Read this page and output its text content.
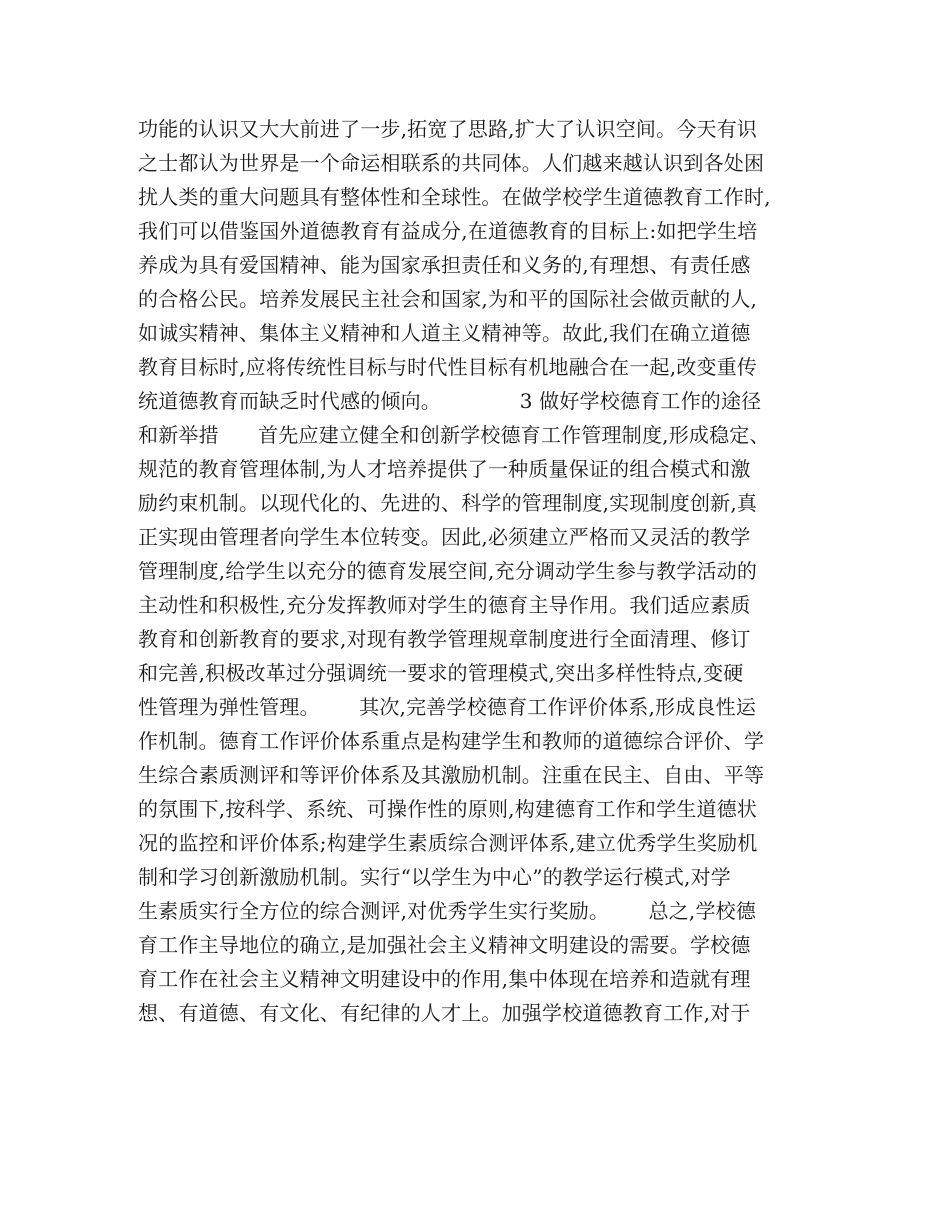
功能的认识又大大前进了一步,拓宽了思路,扩大了认识空间。今天有识
之士都认为世界是一个命运相联系的共同体。人们越来越认识到各处困
扰人类的重大问题具有整体性和全球性。在做学校学生道德教育工作时,
我们可以借鉴国外道德教育有益成分,在道德教育的目标上:如把学生培
养成为具有爱国精神、能为国家承担责任和义务的,有理想、有责任感
的合格公民。培养发展民主社会和国家,为和平的国际社会做贡献的人,
如诚实精神、集体主义精神和人道主义精神等。故此,我们在确立道德
教育目标时,应将传统性目标与时代性目标有机地融合在一起,改变重传
统道德教育而缺乏时代感的倾向。            3 做好学校德育工作的途径
和新举措      首先应建立健全和创新学校德育工作管理制度,形成稳定、
规范的教育管理体制,为人才培养提供了一种质量保证的组合模式和激
励约束机制。以现代化的、先进的、科学的管理制度,实现制度创新,真
正实现由管理者向学生本位转变。因此,必须建立严格而又灵活的教学
管理制度,给学生以充分的德育发展空间,充分调动学生参与教学活动的
主动性和积极性,充分发挥教师对学生的德育主导作用。我们适应素质
教育和创新教育的要求,对现有教学管理规章制度进行全面清理、修订
和完善,积极改革过分强调统一要求的管理模式,突出多样性特点,变硬
性管理为弹性管理。      其次,完善学校德育工作评价体系,形成良性运
作机制。德育工作评价体系重点是构建学生和教师的道德综合评价、学
生综合素质测评和等评价体系及其激励机制。注重在民主、自由、平等
的氛围下,按科学、系统、可操作性的原则,构建德育工作和学生道德状
况的监控和评价体系;构建学生素质综合测评体系,建立优秀学生奖励机
制和学习创新激励机制。实行“以学生为中心”的教学运行模式,对学
生素质实行全方位的综合测评,对优秀学生实行奖励。      总之,学校德
育工作主导地位的确立,是加强社会主义精神文明建设的需要。学校德
育工作在社会主义精神文明建设中的作用,集中体现在培养和造就有理
想、有道德、有文化、有纪律的人才上。加强学校道德教育工作,对于
